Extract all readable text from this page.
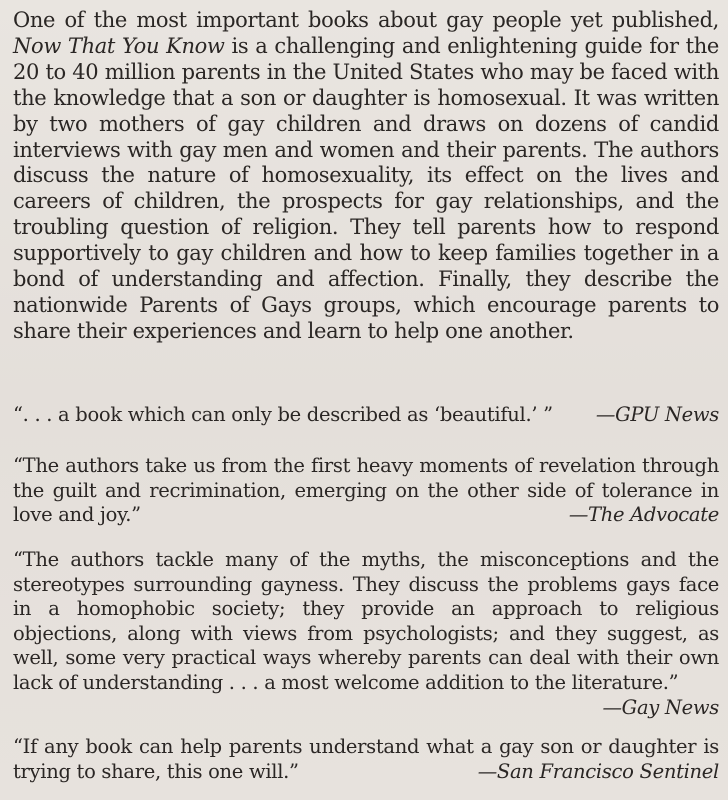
One of the most important books about gay people yet published, Now That You Know is a challenging and enlightening guide for the 20 to 40 million parents in the United States who may be faced with the knowledge that a son or daughter is homosexual. It was written by two mothers of gay children and draws on dozens of candid interviews with gay men and women and their parents. The authors discuss the nature of homosexuality, its effect on the lives and careers of children, the prospects for gay relationships, and the troubling question of religion. They tell parents how to respond supportively to gay children and how to keep families together in a bond of understanding and affection. Finally, they describe the nationwide Parents of Gays groups, which encourage parents to share their experiences and learn to help one another.

“. . . a book which can only be described as ‘beautiful.’ ”	—GPU News

“The authors take us from the first heavy moments of revelation through the guilt and recrimination, emerging on the other side of tolerance in love and joy.”	—The Advocate

“The authors tackle many of the myths, the misconceptions and the stereotypes surrounding gayness. They discuss the problems gays face in a homophobic society; they provide an approach to religious objections, along with views from psychologists; and they suggest, as well, some very practical ways whereby parents can deal with their own lack of understanding . . . a most welcome addition to the literature.”

—Gay News

“If any book can help parents understand what a gay son or daughter is trying to share, this one will.”	—San Francisco Sentinel
